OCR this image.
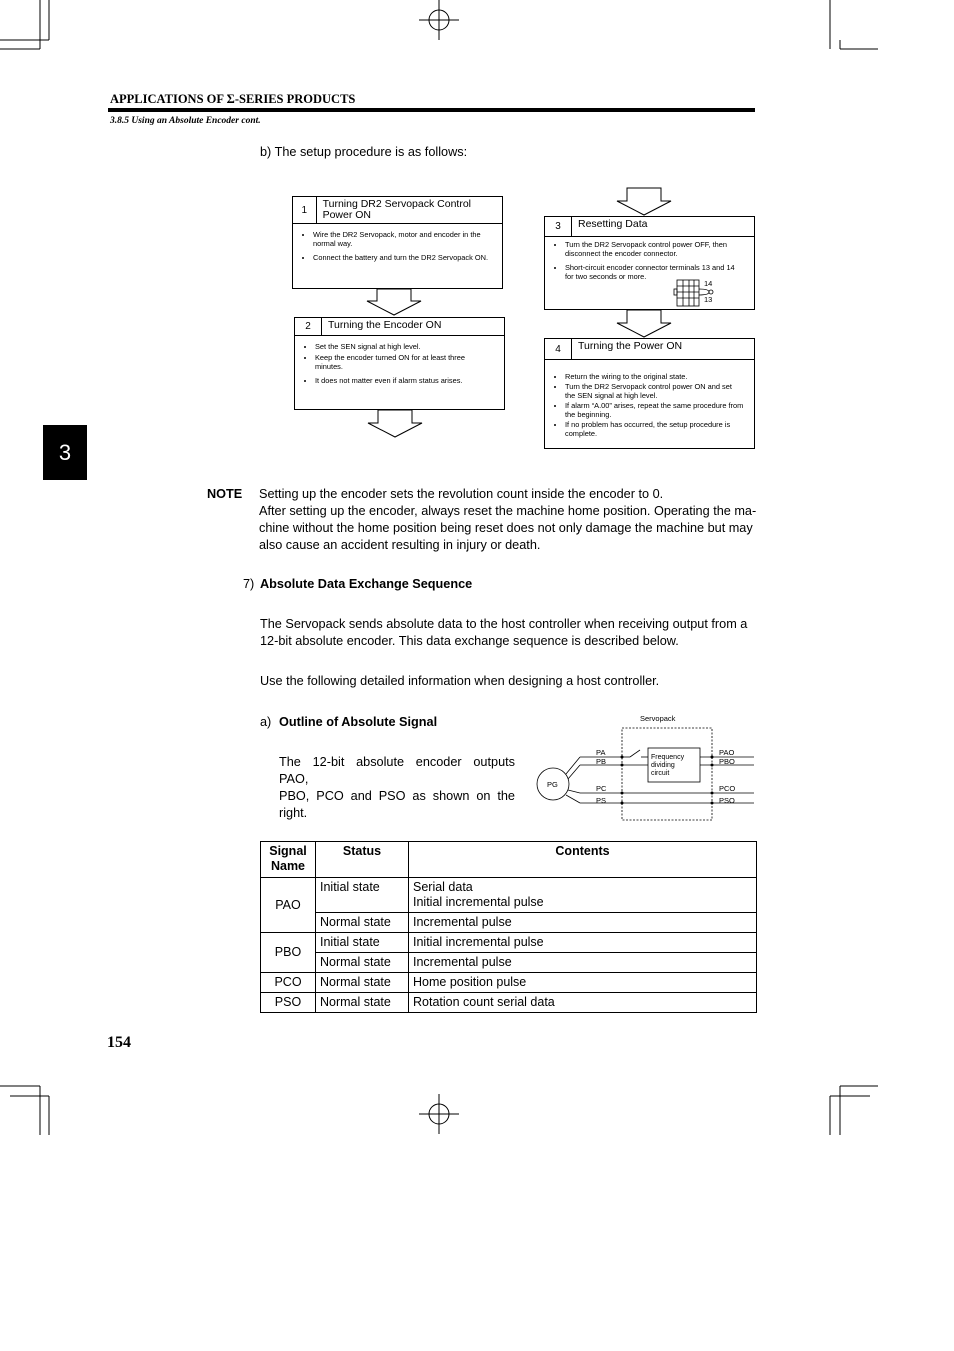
APPLICATIONS OF Σ-SERIES PRODUCTS
3.8.5 Using an Absolute Encoder cont.
3
b) The setup procedure is as follows:
1	Turning DR2 Servopack Control Power ON
• Wire the DR2 Servopack, motor and encoder in the normal way.
• Connect the battery and turn the DR2 Servopack ON.
2	Turning the Encoder ON
• Set the SEN signal at high level.
• Keep the encoder turned ON for at least three minutes.
• It does not matter even if alarm status arises.
3	Resetting Data
• Turn the DR2 Servopack control power OFF, then disconnect the encoder connector.
• Short-circuit encoder connector terminals 13 and 14 for two seconds or more.
14
13
4	Turning the Power ON
• Return the wiring to the original state.
• Turn the DR2 Servopack control power ON and set the SEN signal at high level.
• If alarm “A.00” arises, repeat the same procedure from the beginning.
• If no problem has occurred, the setup procedure is complete.
NOTE Setting up the encoder sets the revolution count inside the encoder to 0.
After setting up the encoder, always reset the machine home position. Operating the ma-
chine without the home position being reset does not only damage the machine but may
also cause an accident resulting in injury or death.
7) Absolute Data Exchange Sequence
The Servopack sends absolute data to the host controller when receiving output from a
12-bit absolute encoder. This data exchange sequence is described below.
Use the following detailed information when designing a host controller.
a) Outline of Absolute Signal
The 12-bit absolute encoder outputs PAO,
PBO, PCO and PSO as shown on the
right.
Servopack
PG
PA
PB
PC
PS
PAO
PBO
PCO
PSO
Frequency
dividing
circuit
Signal
Name	Status	Contents
PAO	Initial state	Serial data
Initial incremental pulse
	Normal state	Incremental pulse
PBO	Initial state	Initial incremental pulse
	Normal state	Incremental pulse
PCO	Normal state	Home position pulse
PSO	Normal state	Rotation count serial data
154
